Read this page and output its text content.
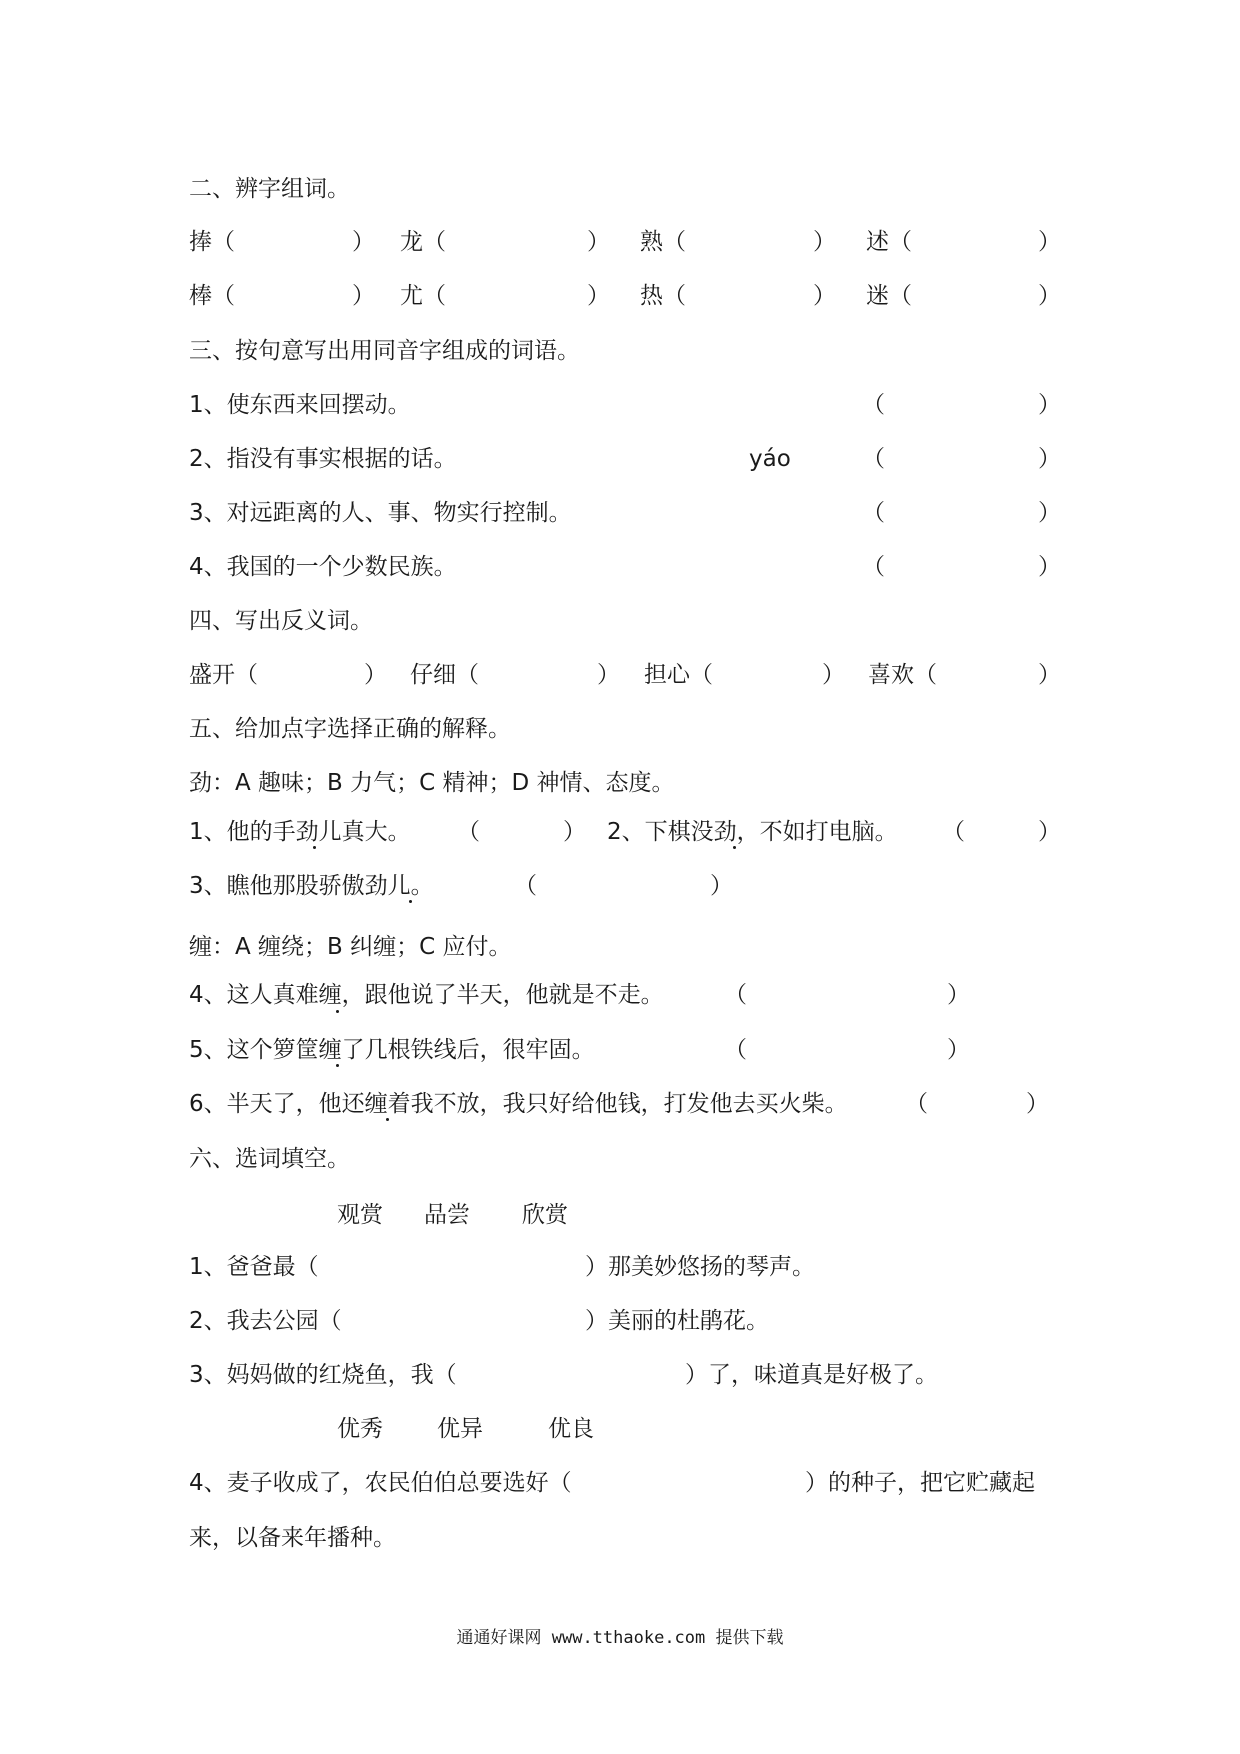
二、辨字组词。
捧（	） 龙（	） 熟（	） 述（	）
棒（	） 尤（	） 热（	） 迷（	）
三、按句意写出用同音字组成的词语。
1、使东西来回摆动。	（	）
2、指没有事实根据的话。	yáo	（	）
3、对远距离的人、事、物实行控制。	（	）
4、我国的一个少数民族。	（	）
四、写出反义词。
盛开（	） 仔细（	） 担心（	） 喜欢（	）
五、给加点字选择正确的解释。
劲：A 趣味；B 力气；C 精神；D 神情、态度。
1、他的手劲儿真大。 （	） 2、下棋没劲，不如打电脑。 （	）
3、瞧他那股骄傲劲儿。	（	）
缠：A 缠绕；B 纠缠；C 应付。
4、这人真难缠，跟他说了半天，他就是不走。	（	）
5、这个箩筐缠了几根铁线后，很牢固。	（	）
6、半天了，他还缠着我不放，我只好给他钱，打发他去买火柴。 （	）
六、选词填空。
观赏 品尝 欣赏
1、爸爸最（	）那美妙悠扬的琴声。
2、我去公园（	）美丽的杜鹃花。
3、妈妈做的红烧鱼，我（	）了，味道真是好极了。
优秀 优异	优良
4、麦子收成了，农民伯伯总要选好（	）的种子，把它贮藏起
来，以备来年播种。
通通好课网 www.tthaoke.com 提供下载
